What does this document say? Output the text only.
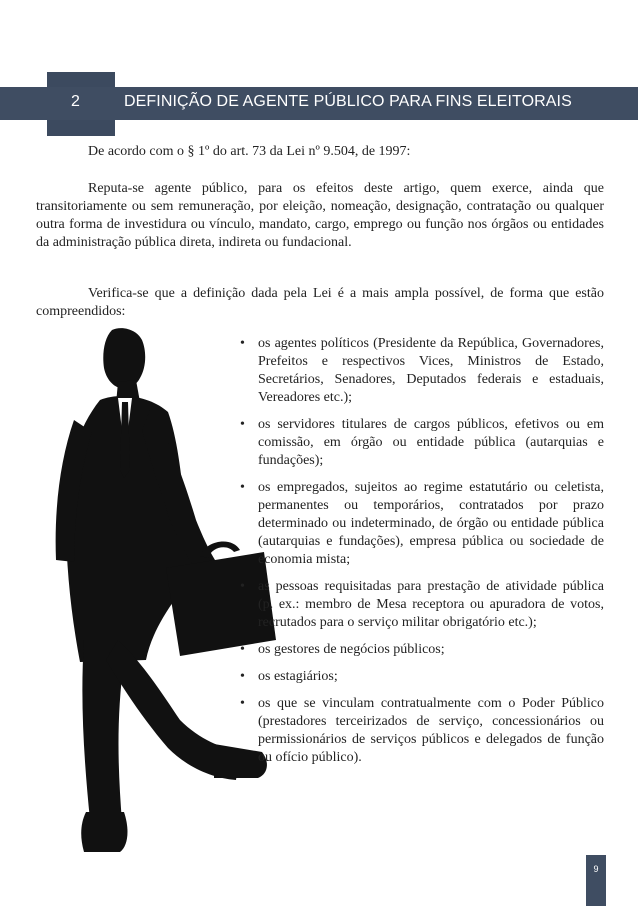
2	DEFINIÇÃO DE AGENTE PÚBLICO PARA FINS ELEITORAIS

De acordo com o § 1º do art. 73 da Lei nº 9.504, de 1997:

Reputa-se agente público, para os efeitos deste artigo, quem exerce, ainda que transitoriamente ou sem remuneração, por eleição, nomeação, designação, contratação ou qualquer outra forma de investidura ou vínculo, mandato, cargo, emprego ou função nos órgãos ou entidades da administração pública direta, indireta ou fundacional.

Verifica-se que a definição dada pela Lei é a mais ampla possível, de forma que estão compreendidos:

• os agentes políticos (Presidente da República, Governadores, Prefeitos e respectivos Vices, Ministros de Estado, Secretários, Senadores, Deputados federais e estaduais, Vereadores etc.);
• os servidores titulares de cargos públicos, efetivos ou em comissão, em órgão ou entidade pública (autarquias e fundações);
• os empregados, sujeitos ao regime estatutário ou celetista, permanentes ou temporários, contratados por prazo determinado ou indeterminado, de órgão ou entidade pública (autarquias e fundações), empresa pública ou sociedade de economia mista;
• as pessoas requisitadas para prestação de atividade pública (p. ex.: membro de Mesa receptora ou apuradora de votos, recrutados para o serviço militar obrigatório etc.);
• os gestores de negócios públicos;
• os estagiários;
• os que se vinculam contratualmente com o Poder Público (prestadores terceirizados de serviço, concessionários ou permissionários de serviços públicos e delegados de função ou ofício público).
9
